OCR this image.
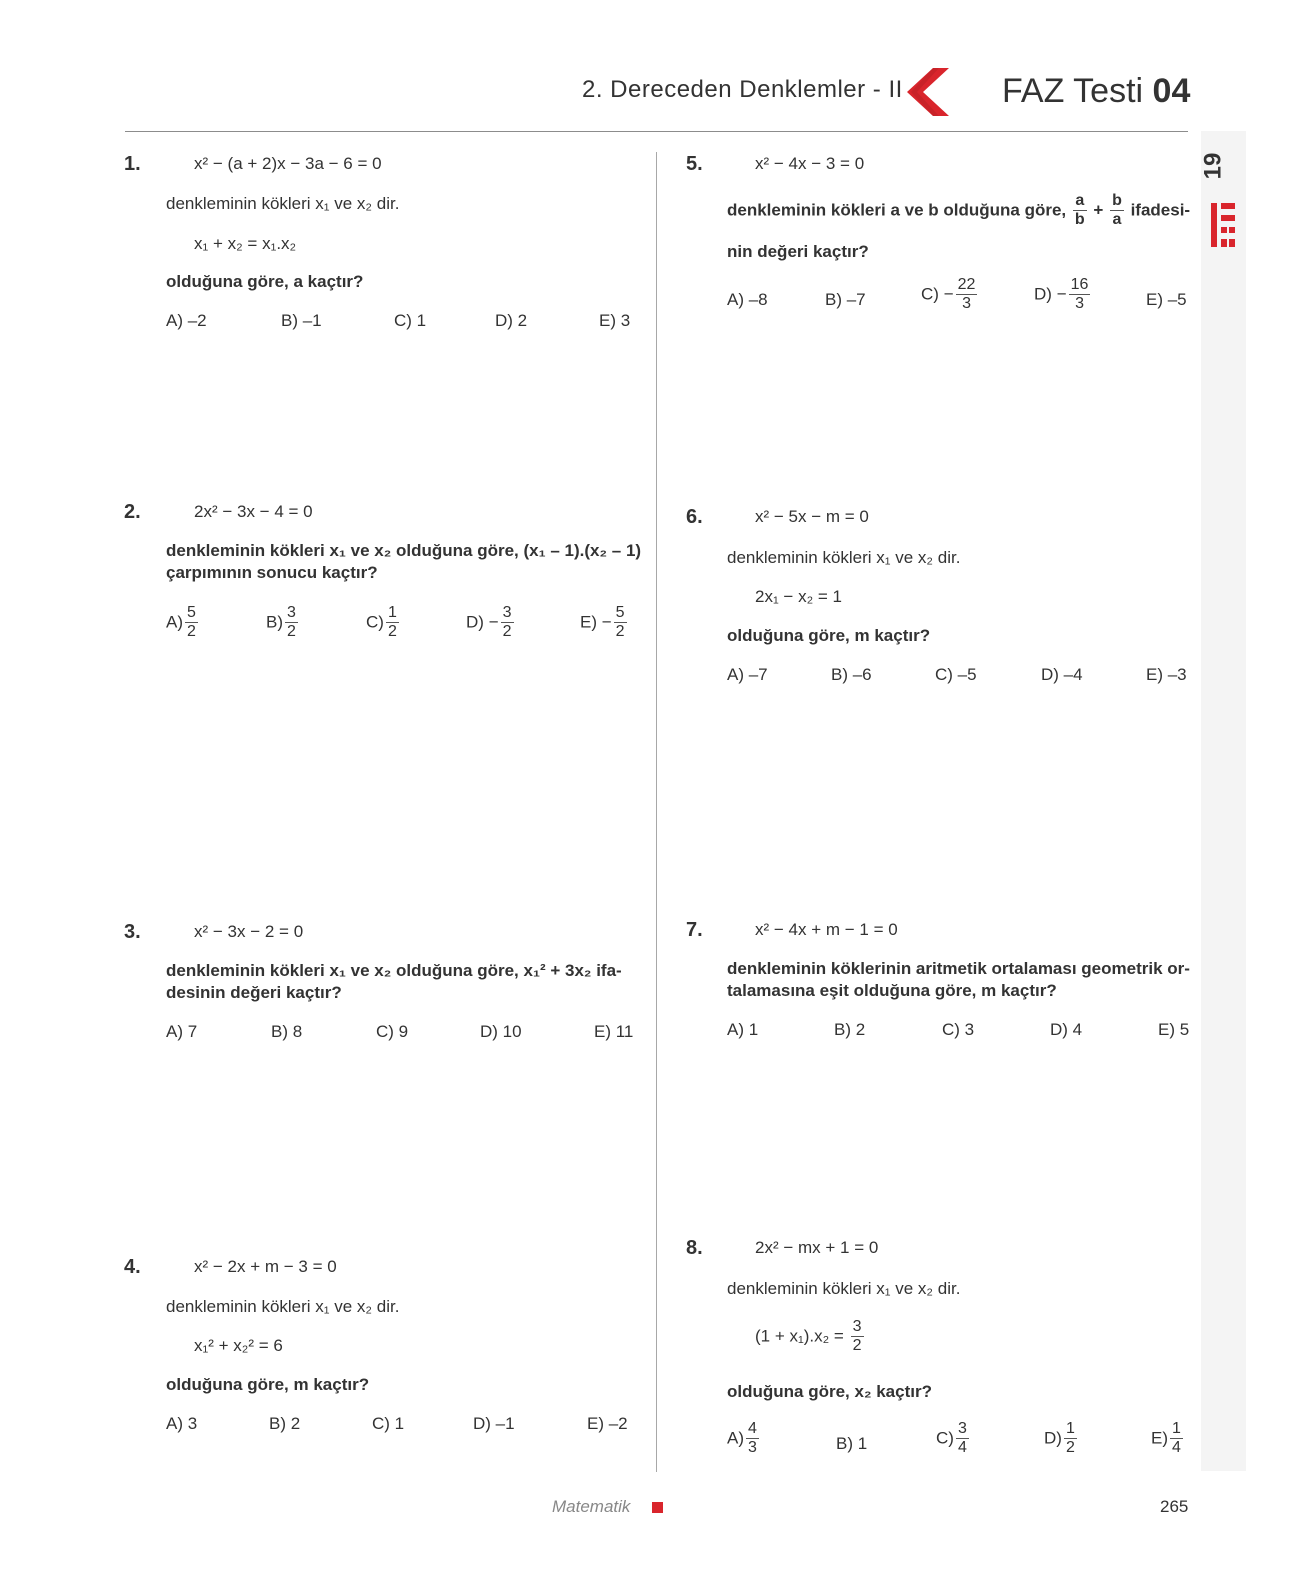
2. Dereceden Denklemler - II	FAZ Testi 04
19
1.	x² − (a + 2)x − 3a − 6 = 0
denkleminin kökleri x₁ ve x₂ dir.
x₁ + x₂ = x₁.x₂
olduğuna göre, a kaçtır?
A) –2	B) –1	C) 1	D) 2	E) 3
2.	2x² − 3x − 4 = 0
denkleminin kökleri x₁ ve x₂ olduğuna göre, (x₁ – 1).(x₂ – 1)
çarpımının sonucu kaçtır?
$A) \frac{5}{2}$	$B) \frac{3}{2}$	$C) \frac{1}{2}$	$D) - \frac{3}{2}$	$E) - \frac{5}{2}$
3.	x² − 3x − 2 = 0
denkleminin kökleri x₁ ve x₂ olduğuna göre, x₁² + 3x₂ ifa-
desinin değeri kaçtır?
A) 7	B) 8	C) 9	D) 10	E) 11
4.	x² − 2x + m − 3 = 0
denkleminin kökleri x₁ ve x₂ dir.
x₁² + x₂² = 6
olduğuna göre, m kaçtır?
A) 3	B) 2	C) 1	D) –1	E) –2
5.	x² − 4x − 3 = 0
denkleminin kökleri a ve b olduğuna göre, $\frac{a}{b} + \frac{b}{a}$ ifadesi-
nin değeri kaçtır?
A) –8	B) –7	$C) - \frac{22}{3}$	$D) - \frac{16}{3}$	E) –5
6.	x² − 5x − m = 0
denkleminin kökleri x₁ ve x₂ dir.
2x₁ − x₂ = 1
olduğuna göre, m kaçtır?
A) –7	B) –6	C) –5	D) –4	E) –3
7.	x² − 4x + m − 1 = 0
denkleminin köklerinin aritmetik ortalaması geometrik or-
talamasına eşit olduğuna göre, m kaçtır?
A) 1	B) 2	C) 3	D) 4	E) 5
8.	2x² − mx + 1 = 0
denkleminin kökleri x₁ ve x₂ dir.
$(1 + x_1).x_2 = \frac{3}{2}$
olduğuna göre, x₂ kaçtır?
$A) \frac{4}{3}$	B) 1	$C) \frac{3}{4}$	$D) \frac{1}{2}$	$E) \frac{1}{4}$
Matematik	265
